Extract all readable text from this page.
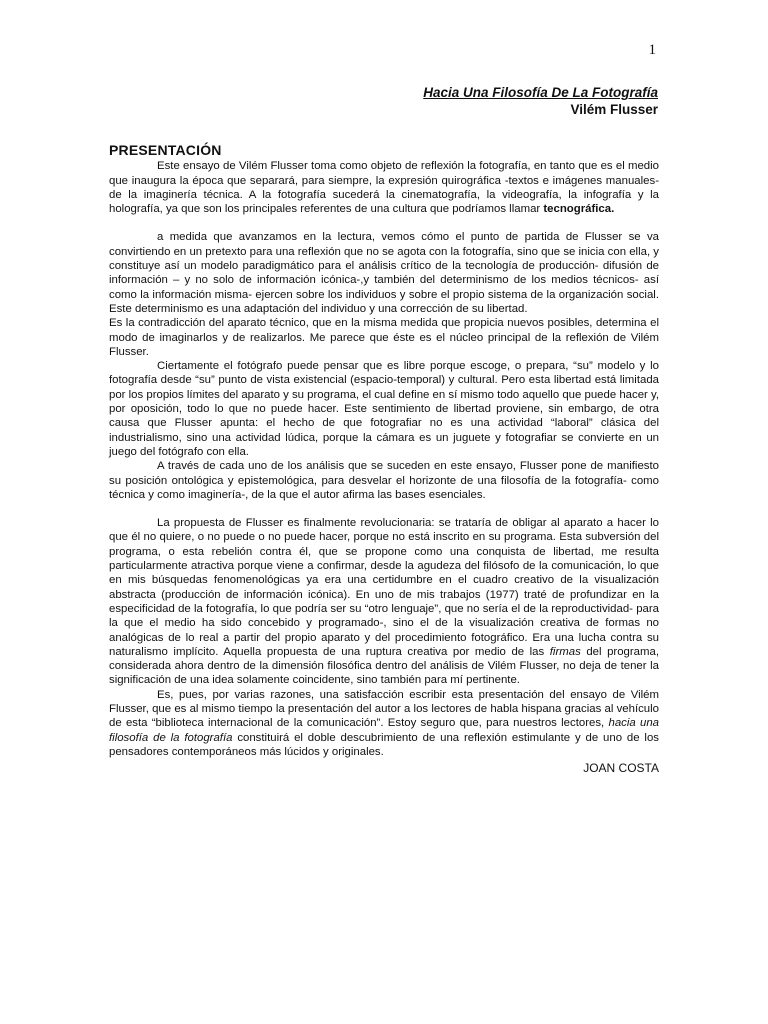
1
Hacia Una Filosofía De La Fotografía
Vilém Flusser
PRESENTACIÓN

Este ensayo de Vilém Flusser toma como objeto de reflexión la fotografía, en tanto que es el medio que inaugura la época que separará, para siempre, la expresión quirográfica -textos e imágenes manuales- de la imaginería técnica. A la fotografía sucederá la cinematografía, la videografía, la infografía y la holografía, ya que son los principales referentes de una cultura que podríamos llamar tecnográfica.

a medida que avanzamos en la lectura, vemos cómo el punto de partida de Flusser se va convirtiendo en un pretexto para una reflexión que no se agota con la fotografía, sino que se inicia con ella, y constituye así un modelo paradigmático para el análisis crítico de la tecnología de producción- difusión de información – y no solo de información icónica-,y también del determinismo de los medios técnicos- así como la información misma- ejercen sobre los individuos y sobre el propio sistema de la organización social. Este determinismo es una adaptación del individuo y una corrección de su libertad.

Es la contradicción del aparato técnico, que en la misma medida que propicia nuevos posibles, determina el modo de imaginarlos y de realizarlos. Me parece que éste es el núcleo principal de la reflexión de Vilém Flusser.

Ciertamente el fotógrafo puede pensar que es libre porque escoge, o prepara, “su” modelo y lo fotografía desde “su” punto de vista existencial (espacio-temporal) y cultural. Pero esta libertad está limitada por los propios límites del aparato y su programa, el cual define en sí mismo todo aquello que puede hacer y, por oposición, todo lo que no puede hacer. Este sentimiento de libertad proviene, sin embargo, de otra causa que Flusser apunta: el hecho de que fotografiar no es una actividad “laboral” clásica del industrialismo, sino una actividad lúdica, porque la cámara es un juguete y fotografiar se convierte en un juego del fotógrafo con ella.

A través de cada uno de los análisis que se suceden en este ensayo, Flusser pone de manifiesto su posición ontológica y epistemológica, para desvelar el horizonte de una filosofía de la fotografía- como técnica y como imaginería-, de la que el autor afirma las bases esenciales.

La propuesta de Flusser es finalmente revolucionaria: se trataría de obligar al aparato a hacer lo que él no quiere, o no puede o no puede hacer, porque no está inscrito en su programa. Esta subversión del programa, o esta rebelión contra él, que se propone como una conquista de libertad, me resulta particularmente atractiva porque viene a confirmar, desde la agudeza del filósofo de la comunicación, lo que en mis búsquedas fenomenológicas ya era una certidumbre en el cuadro creativo de la visualización abstracta (producción de información icónica). En uno de mis trabajos (1977) traté de profundizar en la especificidad de la fotografía, lo que podría ser su “otro lenguaje”, que no sería el de la reproductividad- para la que el medio ha sido concebido y programado-, sino el de la visualización creativa de formas no analógicas de lo real a partir del propio aparato y del procedimiento fotográfico. Era una lucha contra su naturalismo implícito. Aquella propuesta de una ruptura creativa por medio de las firmas del programa, considerada ahora dentro de la dimensión filosófica dentro del análisis de Vilém Flusser, no deja de tener la significación de una idea solamente coincidente, sino también para mí pertinente.

Es, pues, por varias razones, una satisfacción escribir esta presentación del ensayo de Vilém Flusser, que es al mismo tiempo la presentación del autor a los lectores de habla hispana gracias al vehículo de esta “biblioteca internacional de la comunicación”. Estoy seguro que, para nuestros lectores, hacia una filosofía de la fotografía constituirá el doble descubrimiento de una reflexión estimulante y de uno de los pensadores contemporáneos más lúcidos y originales.

JOAN COSTA
